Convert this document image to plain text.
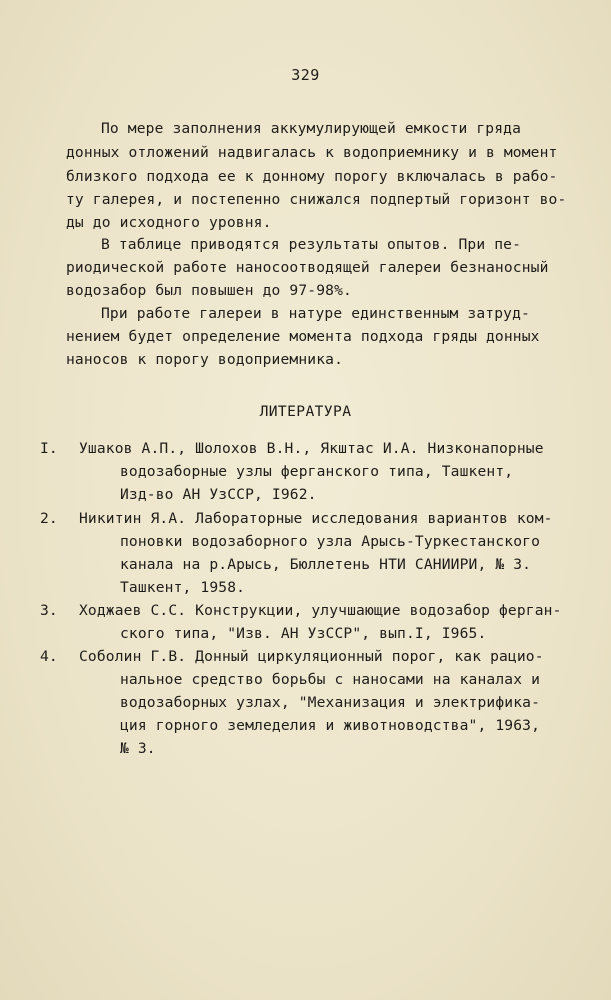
329
По мере заполнения аккумулирующей емкости гряда
донных отложений надвигалась к водоприемнику и в момент
близкого подхода ее к донному порогу включалась в рабо-
ту галерея, и постепенно снижался подпертый горизонт во-
ды до исходного уровня.
В таблице приводятся результаты опытов. При пе-
риодической работе наносоотводящей галереи безнаносный
водозабор был повышен до 97-98%.
При работе галереи в натуре единственным затруд-
нением будет определение момента подхода гряды донных
наносов к порогу водоприемника.
ЛИТЕРАТУРА
I. Ушаков А.П., Шолохов В.Н., Якштас И.А. Низконапорные
водозаборные узлы ферганского типа, Ташкент,
Изд-во АН УзССР, I962.
2. Никитин Я.А. Лабораторные исследования вариантов ком-
поновки водозаборного узла Арысь-Туркестанского
канала на р.Арысь, Бюллетень НТИ САНИИРИ, № 3.
Ташкент, 1958.
3. Ходжаев С.С. Конструкции, улучшающие водозабор ферган-
ского типа, "Изв. АН УзССР", вып.I, I965.
4. Соболин Г.В. Донный циркуляционный порог, как рацио-
нальное средство борьбы с наносами на каналах и
водозаборных узлах, "Механизация и электрифика-
ция горного земледелия и животноводства", 1963,
№ 3.
